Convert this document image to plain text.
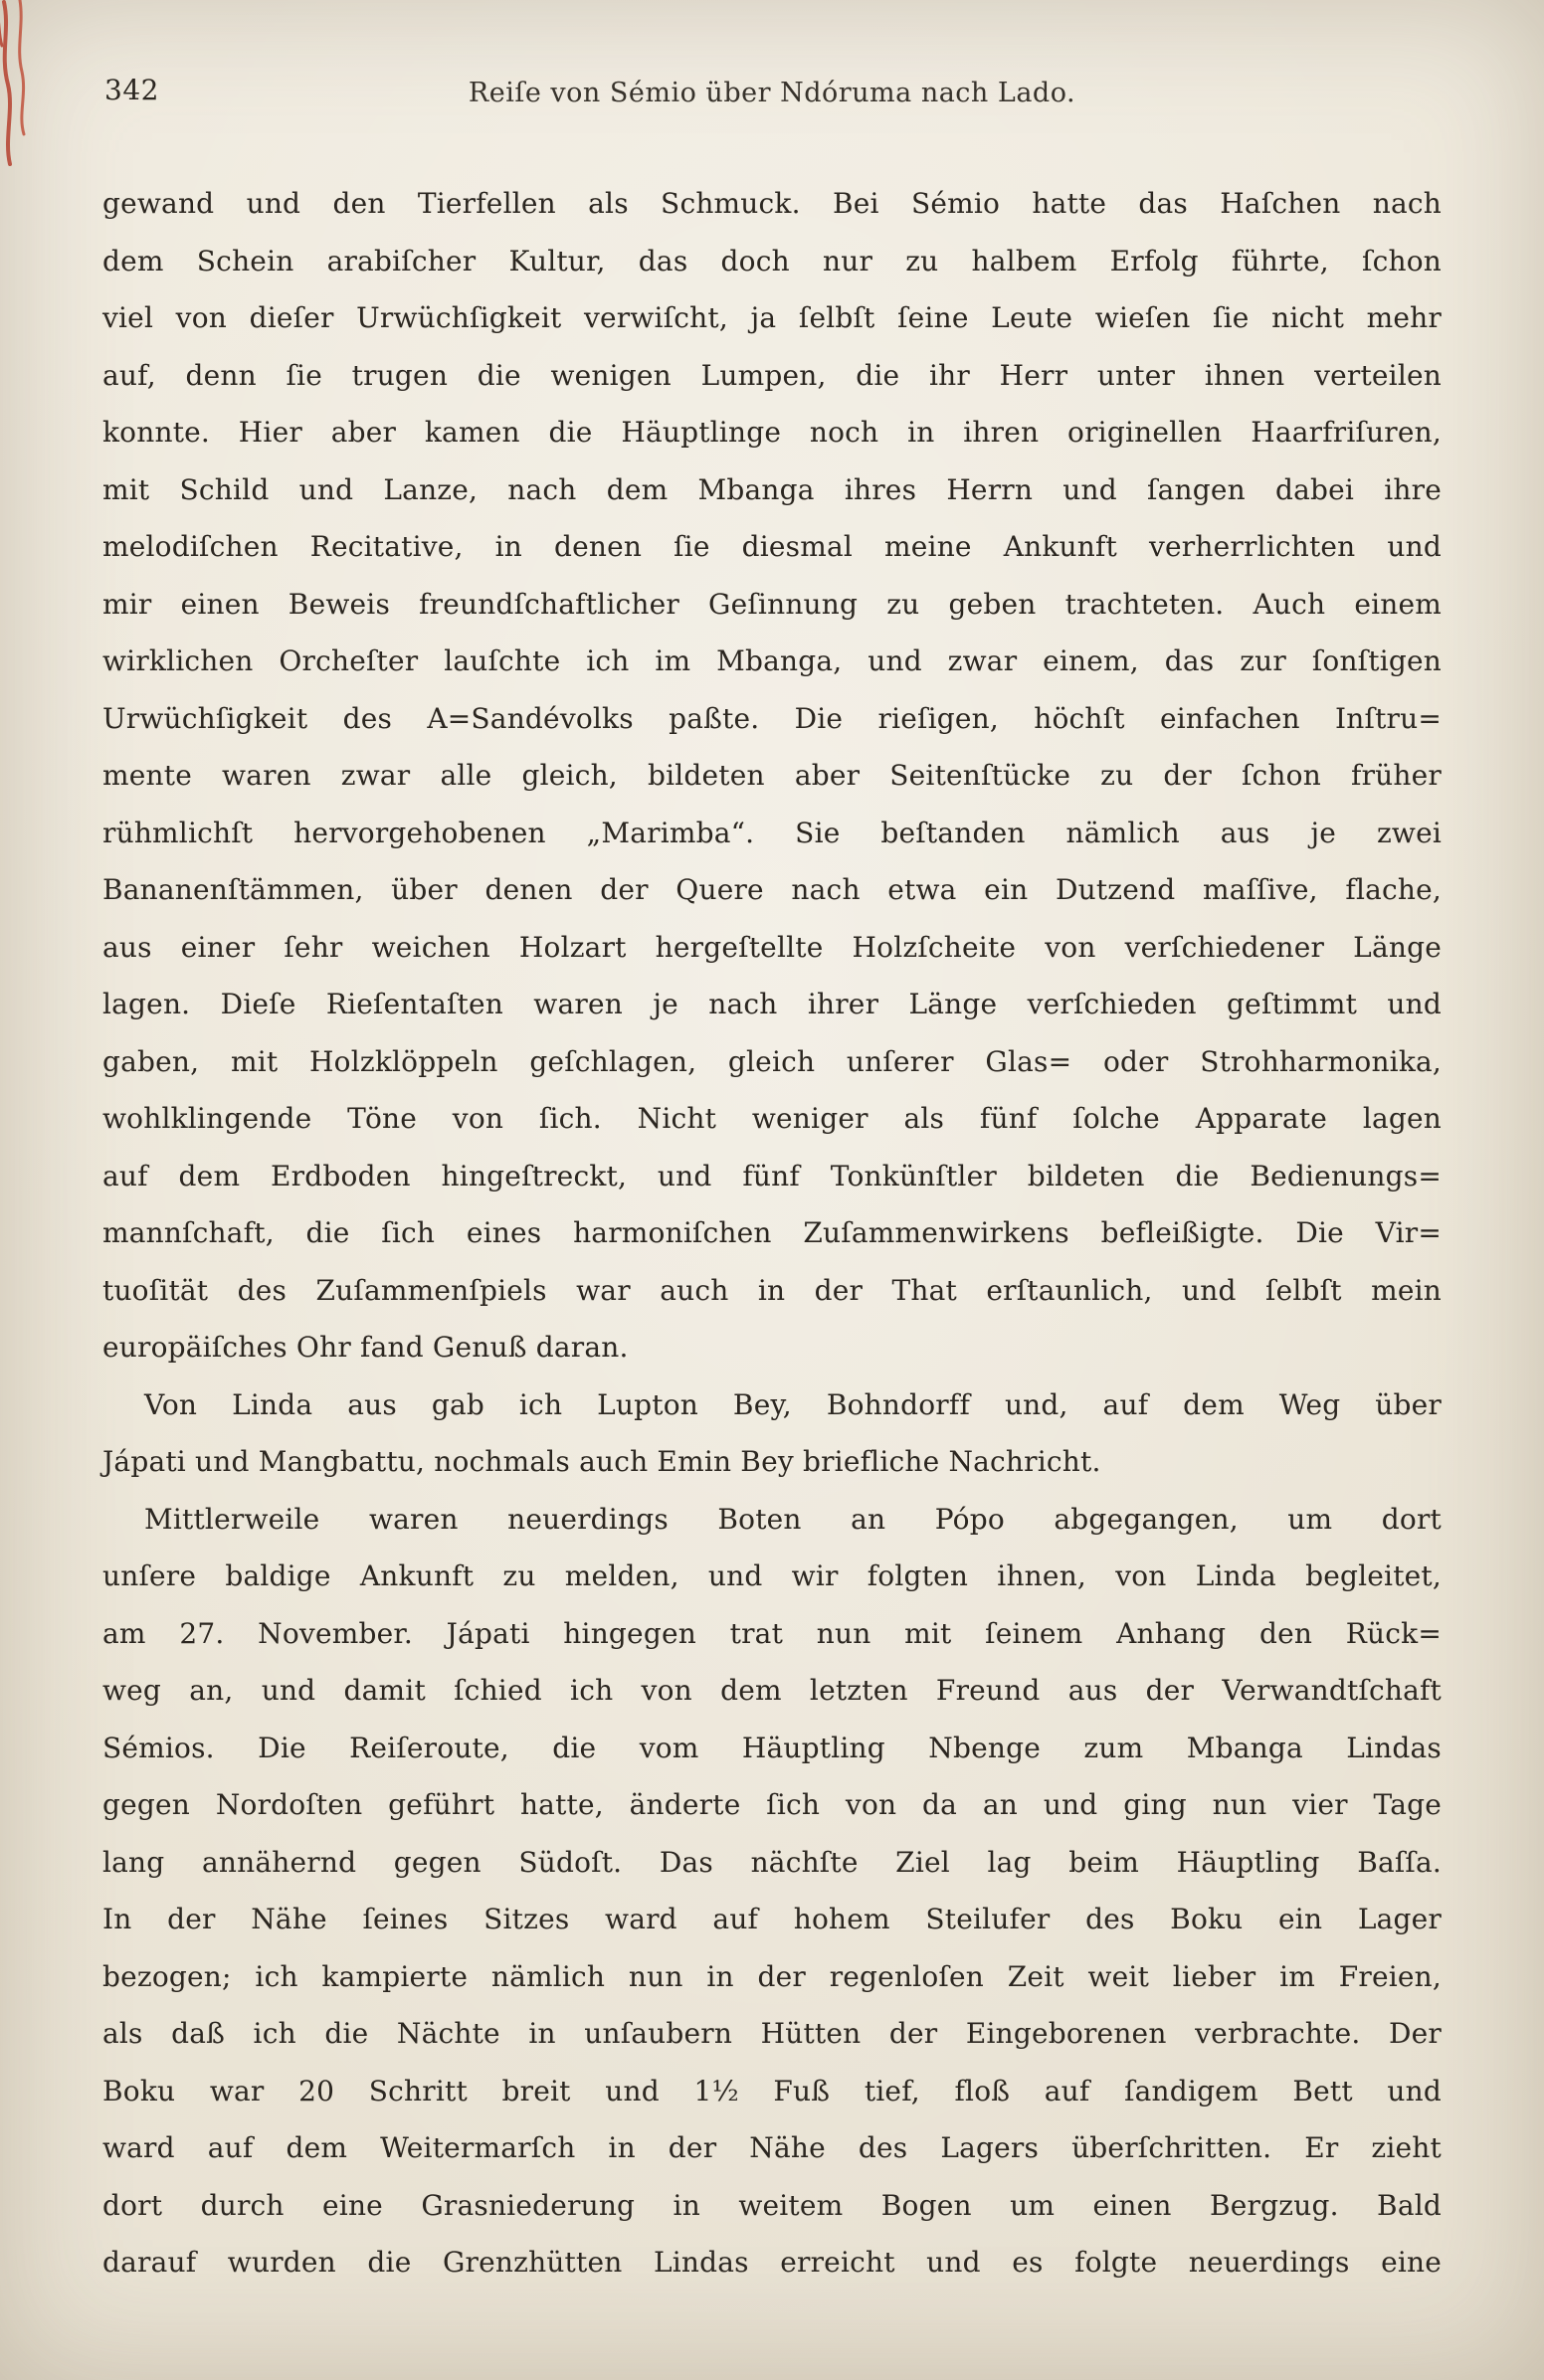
342	Reiſe von Sémio über Ndóruma nach Lado.
gewand und den Tierfellen als Schmuck. Bei Sémio hatte das Haſchen nach
dem Schein arabiſcher Kultur, das doch nur zu halbem Erfolg führte, ſchon
viel von dieſer Urwüchſigkeit verwiſcht, ja ſelbſt ſeine Leute wieſen ſie nicht mehr
auf, denn ſie trugen die wenigen Lumpen, die ihr Herr unter ihnen verteilen
konnte. Hier aber kamen die Häuptlinge noch in ihren originellen Haarfriſuren,
mit Schild und Lanze, nach dem Mbanga ihres Herrn und ſangen dabei ihre
melodiſchen Recitative, in denen ſie diesmal meine Ankunft verherrlichten und
mir einen Beweis freundſchaftlicher Geſinnung zu geben trachteten. Auch einem
wirklichen Orcheſter lauſchte ich im Mbanga, und zwar einem, das zur ſonſtigen
Urwüchſigkeit des A=Sandévolks paßte. Die rieſigen, höchſt einfachen Inſtru=
mente waren zwar alle gleich, bildeten aber Seitenſtücke zu der ſchon früher
rühmlichſt hervorgehobenen „Marimba“. Sie beſtanden nämlich aus je zwei
Bananenſtämmen, über denen der Quere nach etwa ein Dutzend maſſive, flache,
aus einer ſehr weichen Holzart hergeſtellte Holzſcheite von verſchiedener Länge
lagen. Dieſe Rieſentaſten waren je nach ihrer Länge verſchieden geſtimmt und
gaben, mit Holzklöppeln geſchlagen, gleich unſerer Glas= oder Strohharmonika,
wohlklingende Töne von ſich. Nicht weniger als fünf ſolche Apparate lagen
auf dem Erdboden hingeſtreckt, und fünf Tonkünſtler bildeten die Bedienungs=
mannſchaft, die ſich eines harmoniſchen Zuſammenwirkens befleißigte. Die Vir=
tuoſität des Zuſammenſpiels war auch in der That erſtaunlich, und ſelbſt mein
europäiſches Ohr fand Genuß daran.
Von Linda aus gab ich Lupton Bey, Bohndorff und, auf dem Weg über
Jápati und Mangbattu, nochmals auch Emin Bey briefliche Nachricht.
Mittlerweile waren neuerdings Boten an Pópo abgegangen, um dort
unſere baldige Ankunft zu melden, und wir folgten ihnen, von Linda begleitet,
am 27. November. Jápati hingegen trat nun mit ſeinem Anhang den Rück=
weg an, und damit ſchied ich von dem letzten Freund aus der Verwandtſchaft
Sémios. Die Reiſeroute, die vom Häuptling Nbenge zum Mbanga Lindas
gegen Nordoſten geführt hatte, änderte ſich von da an und ging nun vier Tage
lang annähernd gegen Südoſt. Das nächſte Ziel lag beim Häuptling Baſſa.
In der Nähe ſeines Sitzes ward auf hohem Steilufer des Boku ein Lager
bezogen; ich kampierte nämlich nun in der regenloſen Zeit weit lieber im Freien,
als daß ich die Nächte in unſaubern Hütten der Eingeborenen verbrachte. Der
Boku war 20 Schritt breit und 1½ Fuß tief, floß auf ſandigem Bett und
ward auf dem Weitermarſch in der Nähe des Lagers überſchritten. Er zieht
dort durch eine Grasniederung in weitem Bogen um einen Bergzug. Bald
darauf wurden die Grenzhütten Lindas erreicht und es folgte neuerdings eine
